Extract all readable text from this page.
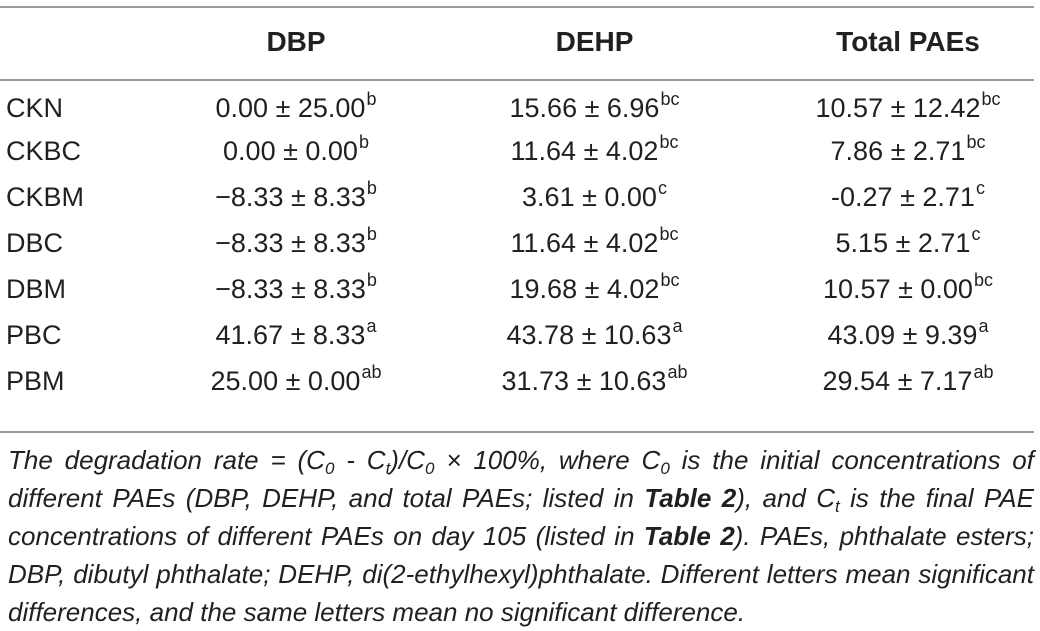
	DBP	DEHP	Total PAEs
CKN	0.00 ± 25.00$^b$	15.66 ± 6.96$^{bc}$	10.57 ± 12.42$^{bc}$
CKBC	0.00 ± 0.00$^b$	11.64 ± 4.02$^{bc}$	7.86 ± 2.71$^{bc}$
CKBM	−8.33 ± 8.33$^b$	3.61 ± 0.00$^c$	-0.27 ± 2.71$^c$
DBC	−8.33 ± 8.33$^b$	11.64 ± 4.02$^{bc}$	5.15 ± 2.71$^c$
DBM	−8.33 ± 8.33$^b$	19.68 ± 4.02$^{bc}$	10.57 ± 0.00$^{bc}$
PBC	41.67 ± 8.33$^a$	43.78 ± 10.63$^a$	43.09 ± 9.39$^a$
PBM	25.00 ± 0.00$^{ab}$	31.73 ± 10.63$^{ab}$	29.54 ± 7.17$^{ab}$
The degradation rate = $(C_0 - C_t)/C_0 \times 100\%$, where $C_0$ is the initial concentrations of different PAEs (DBP, DEHP, and total PAEs; listed in Table 2), and $C_t$ is the final PAE concentrations of different PAEs on day 105 (listed in Table 2). PAEs, phthalate esters; DBP, dibutyl phthalate; DEHP, di(2-ethylhexyl)phthalate. Different letters mean significant differences, and the same letters mean no significant difference.
